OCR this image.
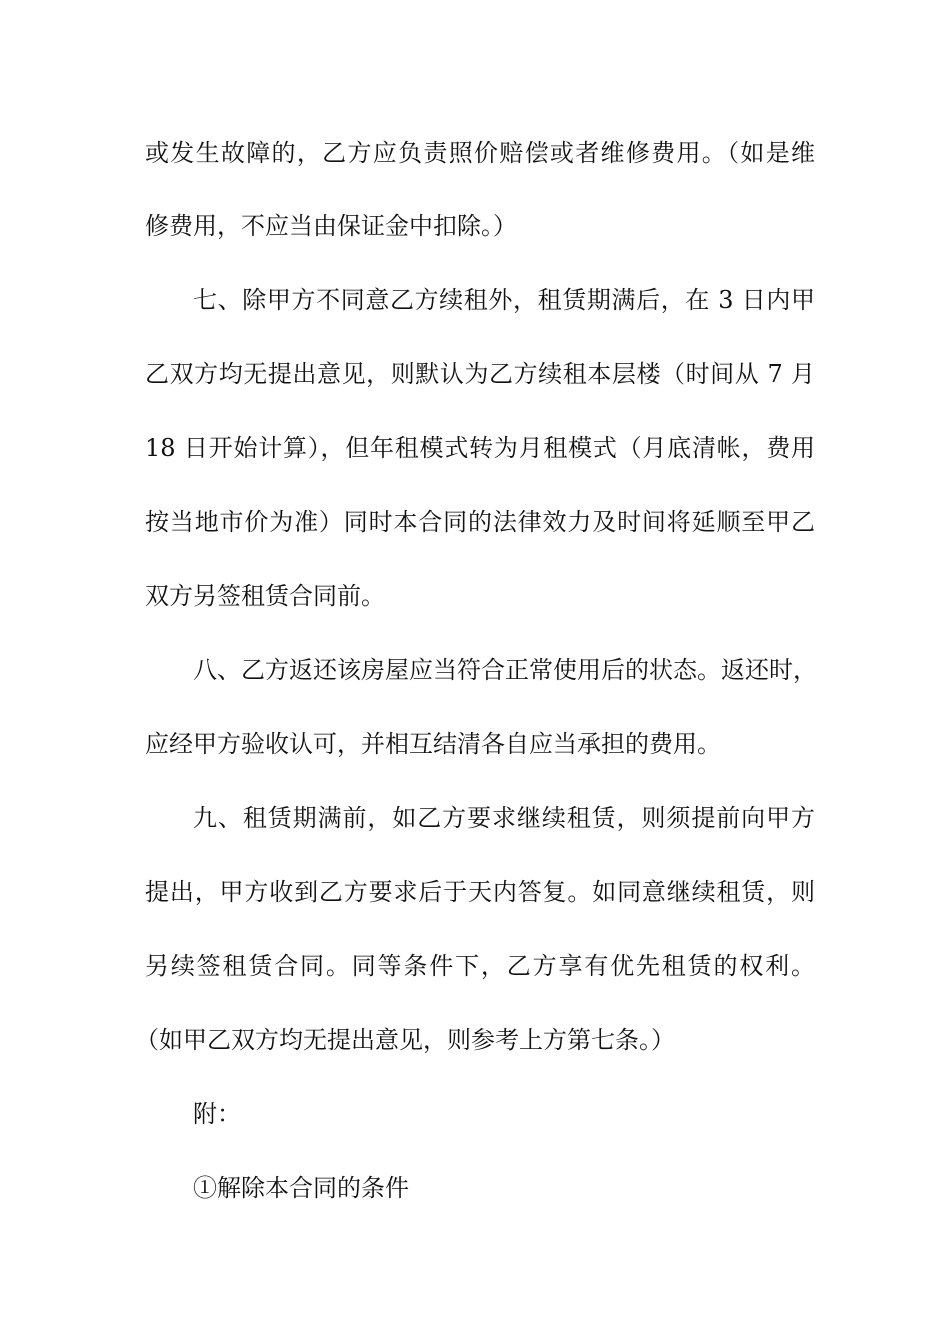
或发生故障的，乙方应负责照价赔偿或者维修费用。（如是维
修费用，不应当由保证金中扣除。）
七、除甲方不同意乙方续租外，租赁期满后，在 3 日内甲
乙双方均无提出意见，则默认为乙方续租本层楼（时间从 7 月
18 日开始计算），但年租模式转为月租模式（月底清帐，费用
按当地市价为准）同时本合同的法律效力及时间将延顺至甲乙
双方另签租赁合同前。
八、乙方返还该房屋应当符合正常使用后的状态。返还时，
应经甲方验收认可，并相互结清各自应当承担的费用。
九、租赁期满前，如乙方要求继续租赁，则须提前向甲方
提出，甲方收到乙方要求后于天内答复。如同意继续租赁，则
另续签租赁合同。同等条件下，乙方享有优先租赁的权利。
（如甲乙双方均无提出意见，则参考上方第七条。）
附：
①解除本合同的条件
